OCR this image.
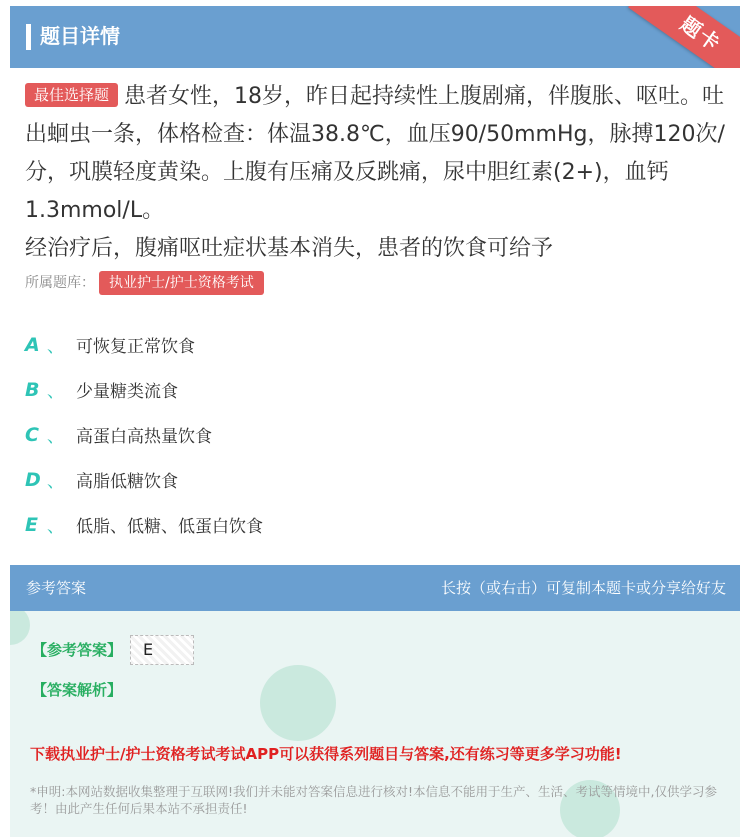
题目详情	题卡
最佳选择题 患者女性，18岁，昨日起持续性上腹剧痛，伴腹胀、呕吐。吐出蛔虫一条，体格检查：体温38.8℃，血压90/50mmHg，脉搏120次/分，巩膜轻度黄染。上腹有压痛及反跳痛，尿中胆红素(2+)，血钙1.3mmol/L。
经治疗后，腹痛呕吐症状基本消失，患者的饮食可给予
所属题库： 执业护士/护士资格考试
A 、 可恢复正常饮食
B 、 少量糖类流食
C 、 高蛋白高热量饮食
D 、 高脂低糖饮食
E 、 低脂、低糖、低蛋白饮食
参考答案	长按（或右击）可复制本题卡或分享给好友
【参考答案】	E
【答案解析】
下载执业护士/护士资格考试考试APP可以获得系列题目与答案,还有练习等更多学习功能!
*申明:本网站数据收集整理于互联网!我们并未能对答案信息进行核对!本信息不能用于生产、生活、考试等情境中,仅供学习参考！由此产生任何后果本站不承担责任!
